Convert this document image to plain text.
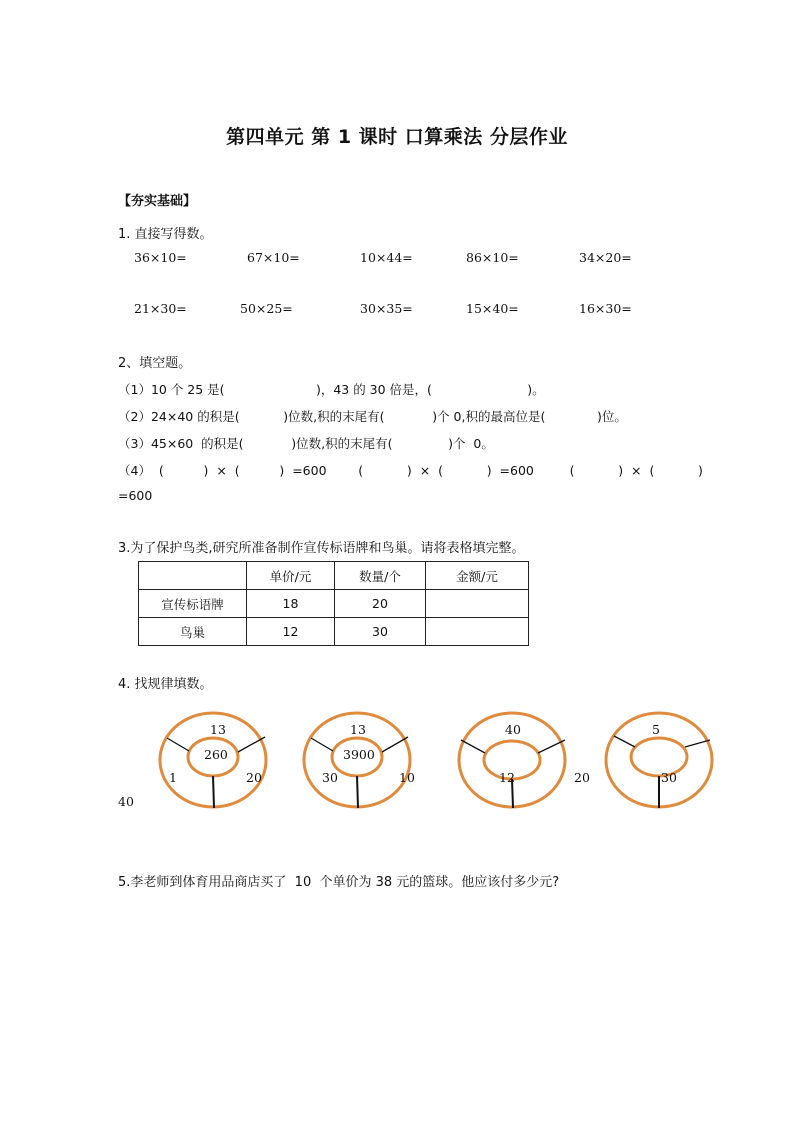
第四单元 第 1 课时 口算乘法 分层作业
【夯实基础】
1. 直接写得数。
36×10=	67×10=	10×44=	86×10=	34×20=
21×30=	50×25=	30×35=	15×40=	16×30=
2、填空题。
（1）10 个 25 是(                       )，43 的 30 倍是，(                        )。
（2）24×40 的积是(           )位数,积的末尾有(            )个 0,积的最高位是(             )位。
（3）45×60  的积是(            )位数,积的末尾有(              )个  0。
（4）  (          )  ×  (          )  =600        (           )  ×  (           )  =600         (           )  ×  (           )
=600
3.为了保护鸟类,研究所准备制作宣传标语牌和鸟巢。请将表格填完整。
	单价/元	数量/个	金额/元
宣传标语牌	18	20	
鸟巢	12	30	
4. 找规律填数。
13
260
1	20
13
3900
30	10
40
12
5
30
20
40
5.李老师到体育用品商店买了  10  个单价为 38 元的篮球。他应该付多少元?
